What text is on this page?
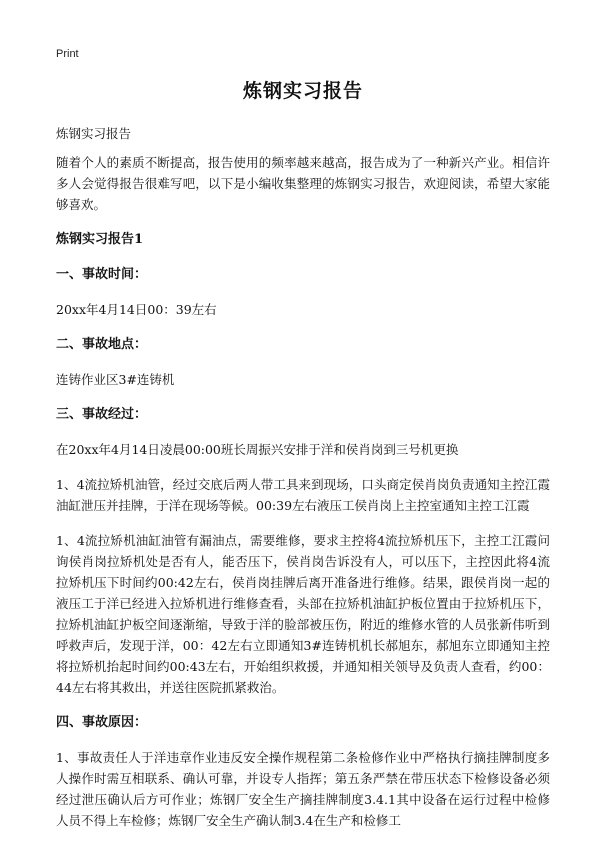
Print
炼钢实习报告

炼钢实习报告

随着个人的素质不断提高，报告使用的频率越来越高，报告成为了一种新兴产业。相信许多人会觉得报告很难写吧，以下是小编收集整理的炼钢实习报告，欢迎阅读，希望大家能够喜欢。

炼钢实习报告1

一、事故时间：

20xx年4月14日00：39左右

二、事故地点：

连铸作业区3#连铸机

三、事故经过：

在20xx年4月14日凌晨00:00班长周振兴安排于洋和侯肖岗到三号机更换

1、4流拉矫机油管，经过交底后两人带工具来到现场，口头商定侯肖岗负责通知主控江霞油缸泄压并挂牌，于洋在现场等候。00:39左右液压工侯肖岗上主控室通知主控工江霞

1、4流拉矫机油缸油管有漏油点，需要维修，要求主控将4流拉矫机压下，主控工江霞问询侯肖岗拉矫机处是否有人，能否压下，侯肖岗告诉没有人，可以压下，主控因此将4流拉矫机压下时间约00:42左右，侯肖岗挂牌后离开准备进行维修。结果，跟侯肖岗一起的液压工于洋已经进入拉矫机进行维修查看，头部在拉矫机油缸护板位置由于拉矫机压下，拉矫机油缸护板空间逐渐缩，导致于洋的脸部被压伤，附近的维修水管的人员张新伟听到呼救声后，发现于洋，00：42左右立即通知3#连铸机机长郝旭东，郝旭东立即通知主控将拉矫机抬起时间约00:43左右，开始组织救援，并通知相关领导及负责人查看，约00：44左右将其救出，并送往医院抓紧救治。

四、事故原因：

1、事故责任人于洋违章作业违反安全操作规程第二条检修作业中严格执行摘挂牌制度多人操作时需互相联系、确认可靠，并设专人指挥；第五条严禁在带压状态下检修设备必须经过泄压确认后方可作业；炼钢厂安全生产摘挂牌制度3.4.1其中设备在运行过程中检修人员不得上车检修；炼钢厂安全生产确认制3.4在生产和检修工
